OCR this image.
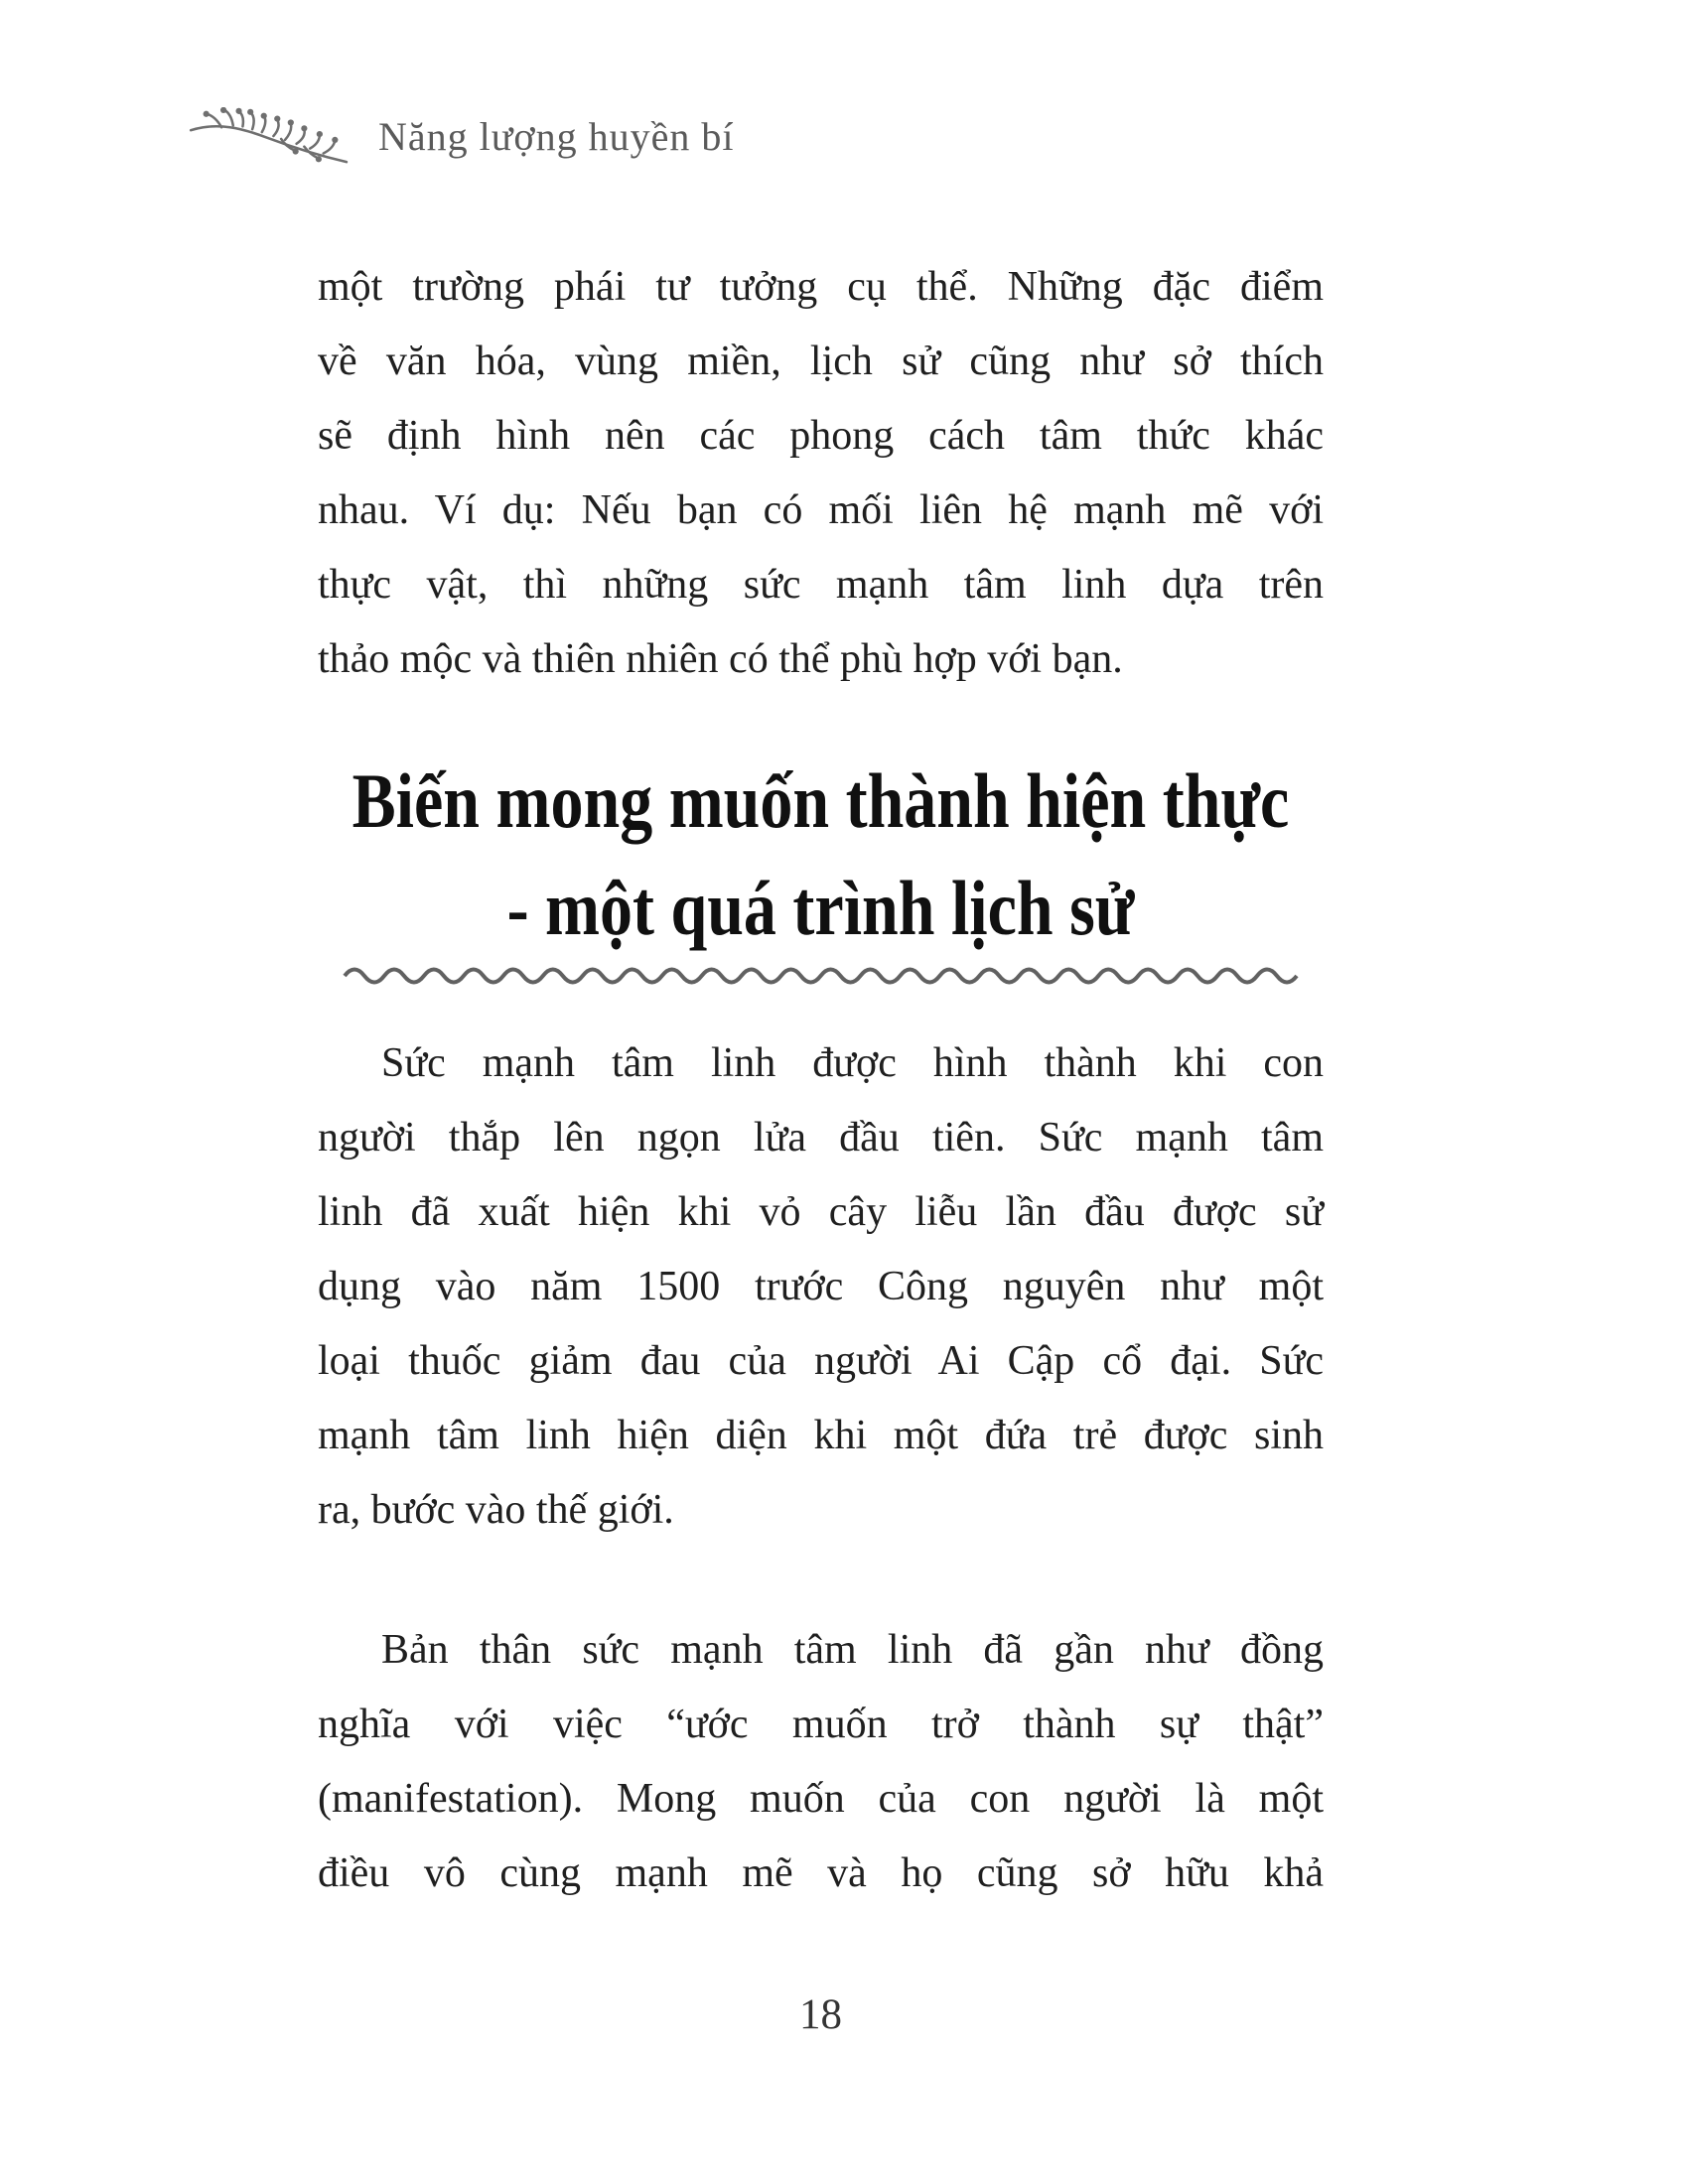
Năng lượng huyền bí
một trường phái tư tưởng cụ thể. Những đặc điểm
về văn hóa, vùng miền, lịch sử cũng như sở thích
sẽ định hình nên các phong cách tâm thức khác
nhau. Ví dụ: Nếu bạn có mối liên hệ mạnh mẽ với
thực vật, thì những sức mạnh tâm linh dựa trên
thảo mộc và thiên nhiên có thể phù hợp với bạn.
Biến mong muốn thành hiện thực
- một quá trình lịch sử
Sức mạnh tâm linh được hình thành khi con
người thắp lên ngọn lửa đầu tiên. Sức mạnh tâm
linh đã xuất hiện khi vỏ cây liễu lần đầu được sử
dụng vào năm 1500 trước Công nguyên như một
loại thuốc giảm đau của người Ai Cập cổ đại. Sức
mạnh tâm linh hiện diện khi một đứa trẻ được sinh
ra, bước vào thế giới.
Bản thân sức mạnh tâm linh đã gần như đồng
nghĩa với việc “ước muốn trở thành sự thật”
(manifestation). Mong muốn của con người là một
điều vô cùng mạnh mẽ và họ cũng sở hữu khả
18
